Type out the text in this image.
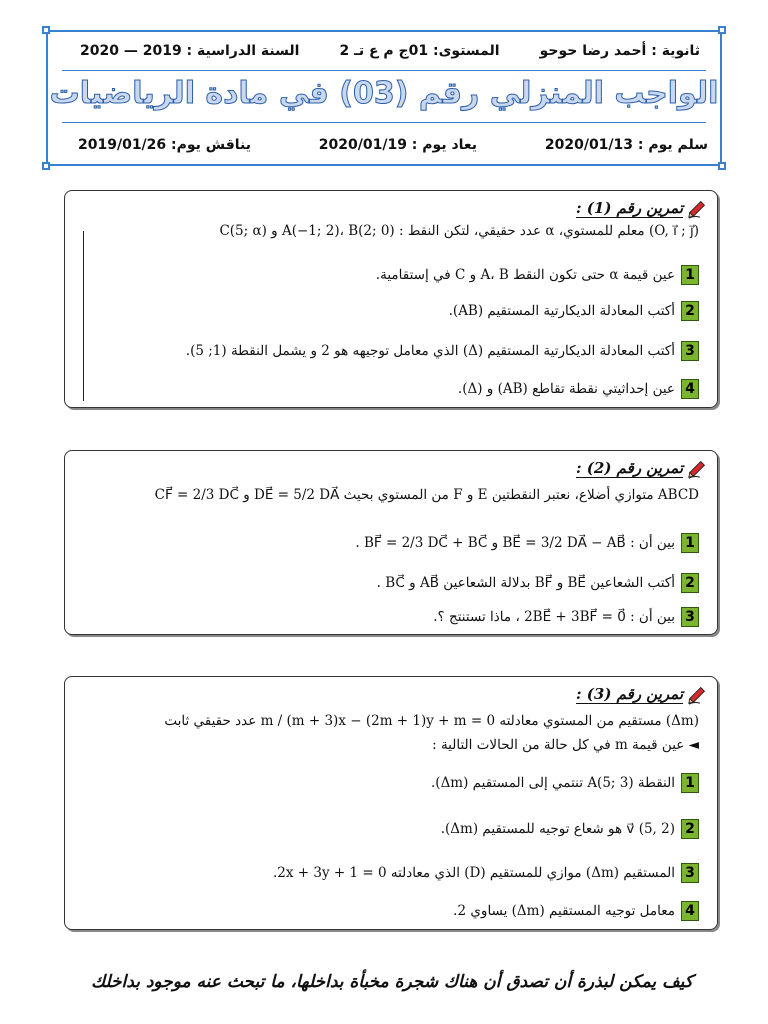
ثانوية : أحمد رضا حوحو
المستوى: 01ج م ع تـ 2
السنة الدراسية : 2019 — 2020
الواجب المنزلي رقم (03) في مادة الرياضيات
سلم يوم : 2020/01/13
يعاد يوم : 2020/01/19
يناقش يوم: 2019/01/26
تمرين رقم (1) :
(O, i⃗ ; j⃗) معلم للمستوي، α عدد حقيقي، لتكن النقط : A(−1; 2)، B(2; 0) و C(5; α)
1
عين قيمة α حتى تكون النقط A، B و C في إستقامية.
2
أكتب المعادلة الديكارتية المستقيم (AB).
3
أكتب المعادلة الديكارتية المستقيم (Δ) الذي معامل توجيهه هو 2 و يشمل النقطة (1; 5).
4
عين إحداثيتي نقطة تقاطع (AB) و (Δ).
تمرين رقم (2) :
ABCD متوازي أضلاع، نعتبر النقطتين E و F من المستوي بحيث DE⃗ = 5/2 DA⃗ و CF⃗ = 2/3 DC⃗
1
بين أن : BE⃗ = 3/2 DA⃗ − AB⃗ و BF⃗ = 2/3 DC⃗ + BC⃗ .
2
أكتب الشعاعين BE⃗ و BF⃗ بدلالة الشعاعين AB⃗ و BC⃗ .
3
بين أن : 2BE⃗ + 3BF⃗ = 0⃗ ، ماذا تستنتج ؟.
تمرين رقم (3) :
(Δm) مستقيم من المستوي معادلته m / (m + 3)x − (2m + 1)y + m = 0 عدد حقيقي ثابت
◄ عين قيمة m في كل حالة من الحالات التالية :
1
النقطة A(5; 3) تنتمي إلى المستقيم (Δm).
2
v⃗ (5, 2) هو شعاع توجيه للمستقيم (Δm).
3
المستقيم (Δm) موازي للمستقيم (D) الذي معادلته 2x + 3y + 1 = 0.
4
معامل توجيه المستقيم (Δm) يساوي 2.
كيف يمكن لبذرة أن تصدق أن هناك شجرة مخبأة بداخلها، ما تبحث عنه موجود بداخلك
